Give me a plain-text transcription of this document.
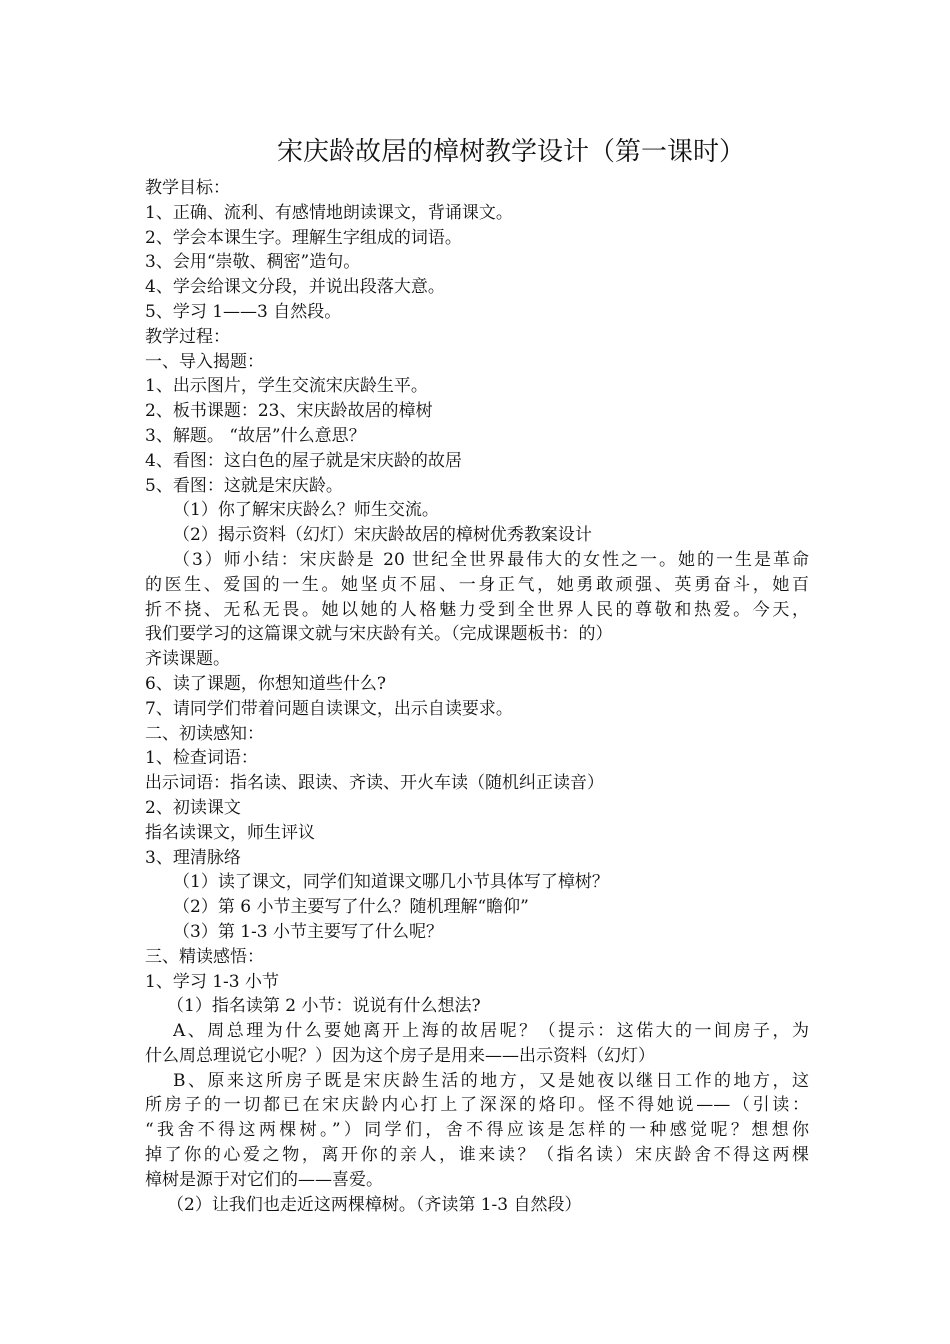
宋庆龄故居的樟树教学设计（第一课时）
教学目标：
1、正确、流利、有感情地朗读课文，背诵课文。
2、学会本课生字。理解生字组成的词语。
3、会用“崇敬、稠密”造句。
4、学会给课文分段，并说出段落大意。
5、学习 1——3 自然段。
教学过程：
一、导入揭题：
1、出示图片，学生交流宋庆龄生平。
2、板书课题：23、宋庆龄故居的樟树
3、解题。 “故居”什么意思？
4、看图：这白色的屋子就是宋庆龄的故居
5、看图：这就是宋庆龄。
（1）你了解宋庆龄么？师生交流。
（2）揭示资料（幻灯）宋庆龄故居的樟树优秀教案设计
（3）师小结：宋庆龄是 20 世纪全世界最伟大的女性之一。她的一生是革命
的医生、爱国的一生。她坚贞不屈、一身正气，她勇敢顽强、英勇奋斗，她百
折不挠、无私无畏。她以她的人格魅力受到全世界人民的尊敬和热爱。今天，
我们要学习的这篇课文就与宋庆龄有关。（完成课题板书：的）
齐读课题。
6、读了课题，你想知道些什么?
7、请同学们带着问题自读课文，出示自读要求。
二、初读感知：
1、检查词语：
出示词语：指名读、跟读、齐读、开火车读（随机纠正读音）
2、初读课文
指名读课文，师生评议
3、理清脉络
（1）读了课文，同学们知道课文哪几小节具体写了樟树？
（2）第 6 小节主要写了什么？随机理解“瞻仰”
（3）第 1-3 小节主要写了什么呢？
三、精读感悟：
1、学习 1-3 小节
（1）指名读第 2 小节：说说有什么想法?
A、周总理为什么要她离开上海的故居呢？（提示：这偌大的一间房子，为
什么周总理说它小呢？）因为这个房子是用来——出示资料（幻灯）
B、原来这所房子既是宋庆龄生活的地方，又是她夜以继日工作的地方，这
所房子的一切都已在宋庆龄内心打上了深深的烙印。怪不得她说——（引读：
“我舍不得这两棵树。”）同学们，舍不得应该是怎样的一种感觉呢？想想你
掉了你的心爱之物，离开你的亲人，谁来读？（指名读）宋庆龄舍不得这两棵
樟树是源于对它们的——喜爱。
（2）让我们也走近这两棵樟树。（齐读第 1-3 自然段）
